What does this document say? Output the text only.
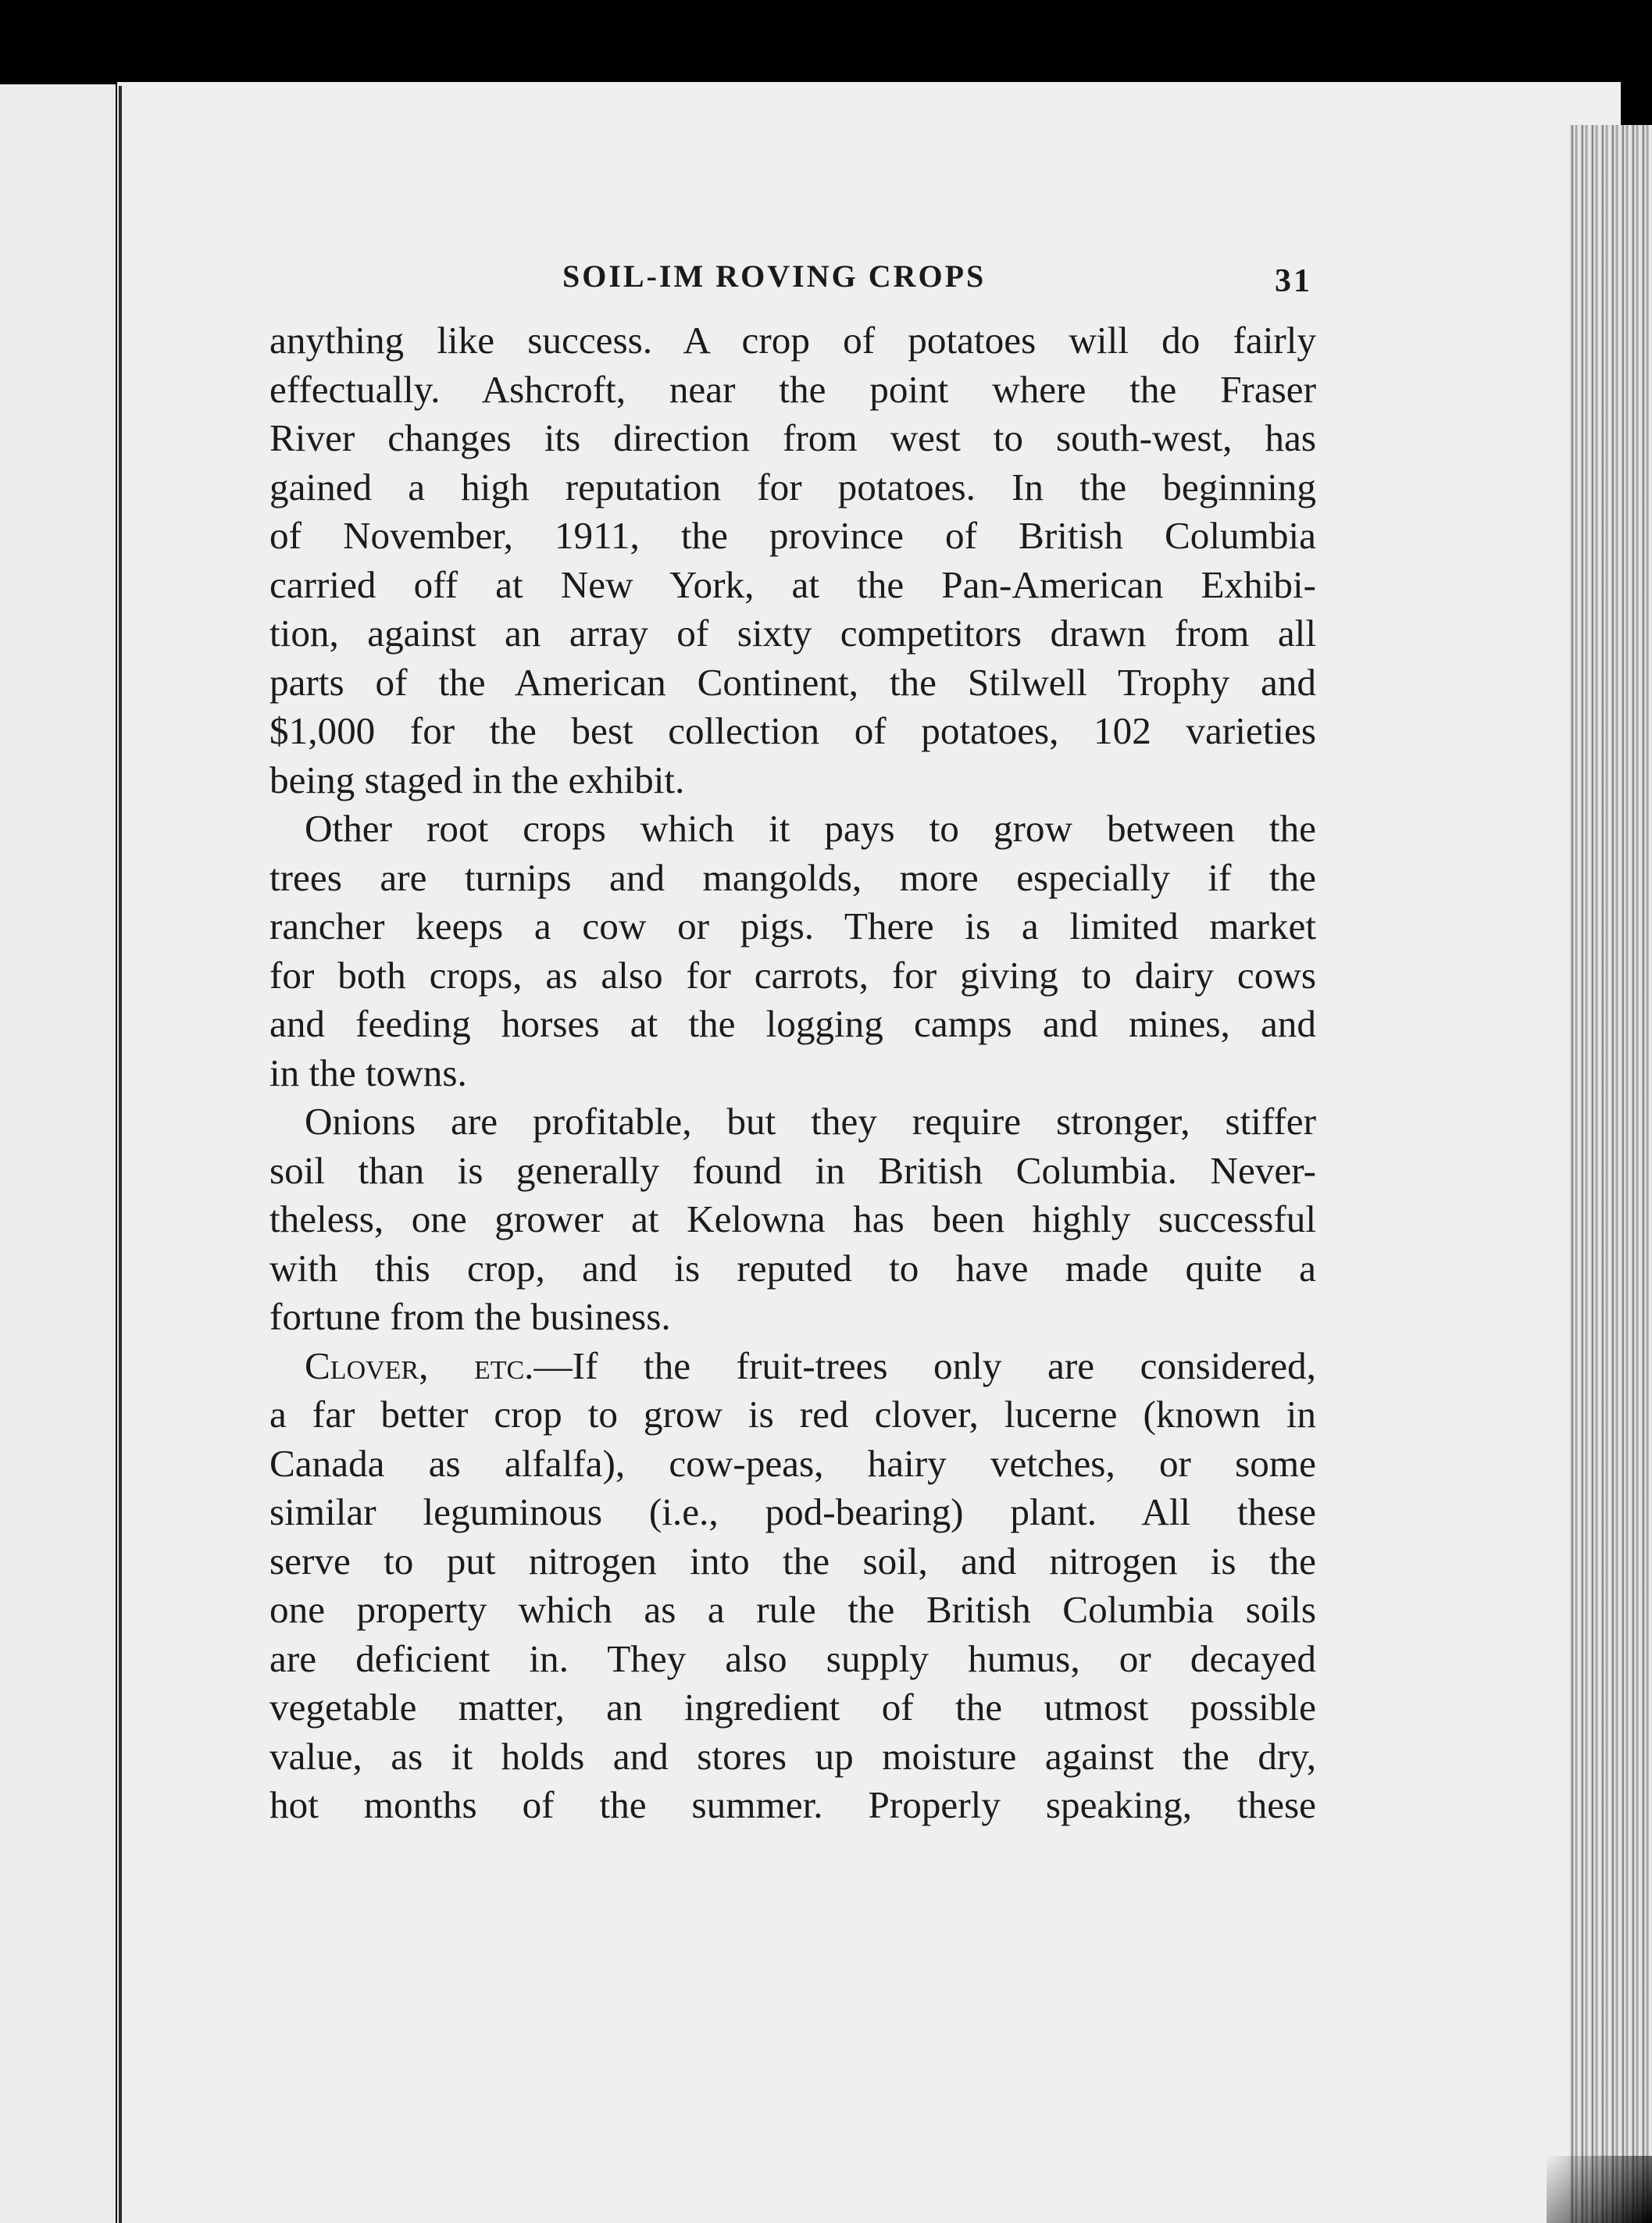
SOIL-IM ROVING CROPS	31
anything like success. A crop of potatoes will do fairly
effectually. Ashcroft, near the point where the Fraser
River changes its direction from west to south-west, has
gained a high reputation for potatoes. In the beginning
of November, 1911, the province of British Columbia
carried off at New York, at the Pan-American Exhibi-
tion, against an array of sixty competitors drawn from all
parts of the American Continent, the Stilwell Trophy and
$1,000 for the best collection of potatoes, 102 varieties
being staged in the exhibit.
Other root crops which it pays to grow between the
trees are turnips and mangolds, more especially if the
rancher keeps a cow or pigs. There is a limited market
for both crops, as also for carrots, for giving to dairy cows
and feeding horses at the logging camps and mines, and
in the towns.
Onions are profitable, but they require stronger, stiffer
soil than is generally found in British Columbia. Never-
theless, one grower at Kelowna has been highly successful
with this crop, and is reputed to have made quite a
fortune from the business.
Clover, etc.—If the fruit-trees only are considered,
a far better crop to grow is red clover, lucerne (known in
Canada as alfalfa), cow-peas, hairy vetches, or some
similar leguminous (i.e., pod-bearing) plant. All these
serve to put nitrogen into the soil, and nitrogen is the
one property which as a rule the British Columbia soils
are deficient in. They also supply humus, or decayed
vegetable matter, an ingredient of the utmost possible
value, as it holds and stores up moisture against the dry,
hot months of the summer. Properly speaking, these
